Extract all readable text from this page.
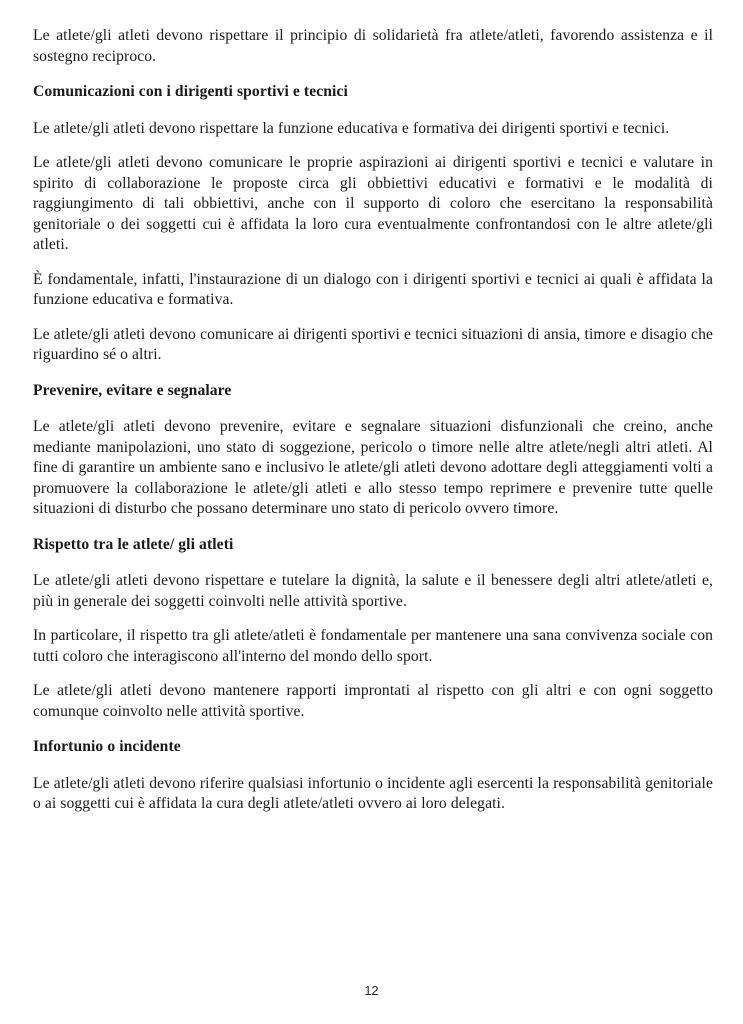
Le atlete/gli atleti devono rispettare il principio di solidarietà fra atlete/atleti, favorendo assistenza e il sostegno reciproco.

Comunicazioni con i dirigenti sportivi e tecnici

Le atlete/gli atleti devono rispettare la funzione educativa e formativa dei dirigenti sportivi e tecnici.

Le atlete/gli atleti devono comunicare le proprie aspirazioni ai dirigenti sportivi e tecnici e valutare in spirito di collaborazione le proposte circa gli obbiettivi educativi e formativi e le modalità di raggiungimento di tali obbiettivi, anche con il supporto di coloro che esercitano la responsabilità genitoriale o dei soggetti cui è affidata la loro cura eventualmente confrontandosi con le altre atlete/gli atleti.

È fondamentale, infatti, l'instaurazione di un dialogo con i dirigenti sportivi e tecnici ai quali è affidata la funzione educativa e formativa.

Le atlete/gli atleti devono comunicare ai dirigenti sportivi e tecnici situazioni di ansia, timore e disagio che riguardino sé o altri.

Prevenire, evitare e segnalare

Le atlete/gli atleti devono prevenire, evitare e segnalare situazioni disfunzionali che creino, anche mediante manipolazioni, uno stato di soggezione, pericolo o timore nelle altre atlete/negli altri atleti. Al fine di garantire un ambiente sano e inclusivo le atlete/gli atleti devono adottare degli atteggiamenti volti a promuovere la collaborazione le atlete/gli atleti e allo stesso tempo reprimere e prevenire tutte quelle situazioni di disturbo che possano determinare uno stato di pericolo ovvero timore.

Rispetto tra le atlete/ gli atleti

Le atlete/gli atleti devono rispettare e tutelare la dignità, la salute e il benessere degli altri atlete/atleti e, più in generale dei soggetti coinvolti nelle attività sportive.

In particolare, il rispetto tra gli atlete/atleti è fondamentale per mantenere una sana convivenza sociale con tutti coloro che interagiscono all'interno del mondo dello sport.

Le atlete/gli atleti devono mantenere rapporti improntati al rispetto con gli altri e con ogni soggetto comunque coinvolto nelle attività sportive.

Infortunio o incidente

Le atlete/gli atleti devono riferire qualsiasi infortunio o incidente agli esercenti la responsabilità genitoriale o ai soggetti cui è affidata la cura degli atlete/atleti ovvero ai loro delegati.

12
